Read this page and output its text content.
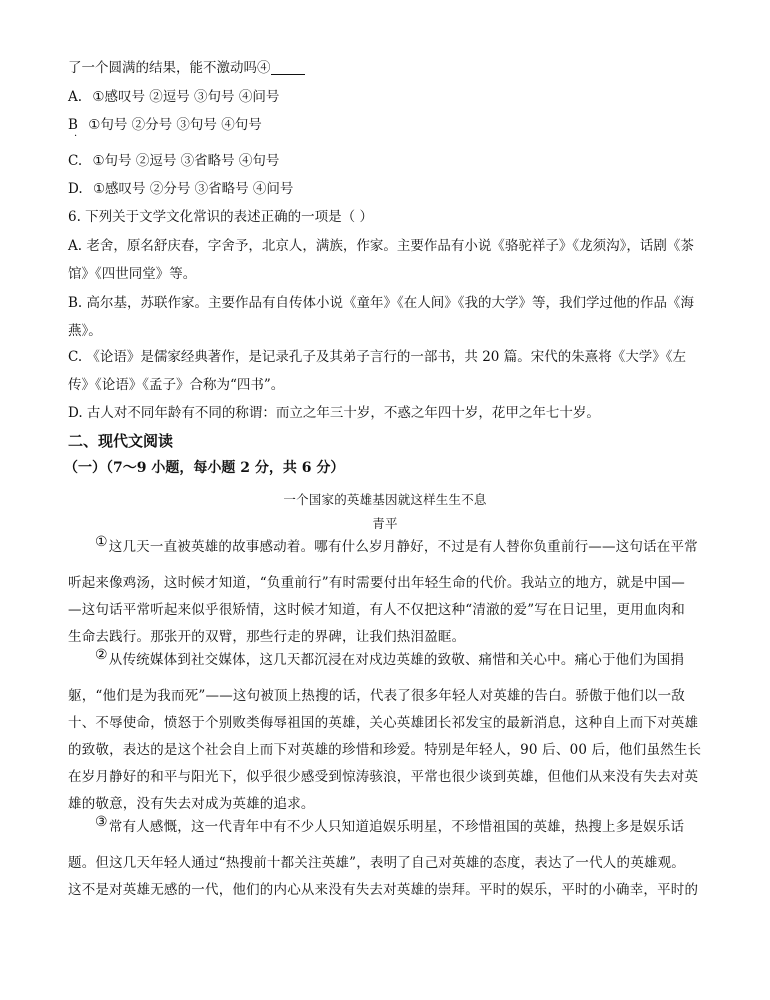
了一个圆满的结果，能不激动吗④
A. ①感叹号 ②逗号 ③句号 ④问号
B ①句号 ②分号 ③句号 ④句号
·
C. ①句号 ②逗号 ③省略号 ④句号
D. ①感叹号 ②分号 ③省略号 ④问号
6. 下列关于文学文化常识的表述正确的一项是（ ）
A. 老舍，原名舒庆春，字舍予，北京人，满族，作家。主要作品有小说《骆驼祥子》《龙须沟》，话剧《茶
馆》《四世同堂》等。
B. 高尔基，苏联作家。主要作品有自传体小说《童年》《在人间》《我的大学》等，我们学过他的作品《海
燕》。
C. 《论语》是儒家经典著作，是记录孔子及其弟子言行的一部书，共 20 篇。宋代的朱熹将《大学》《左
传》《论语》《孟子》合称为“四书”。
D. 古人对不同年龄有不同的称谓：而立之年三十岁，不惑之年四十岁，花甲之年七十岁。
二、现代文阅读
（一）（7～9 小题，每小题 2 分，共 6 分）
一个国家的英雄基因就这样生生不息
青平
①这几天一直被英雄的故事感动着。哪有什么岁月静好，不过是有人替你负重前行——这句话在平常
听起来像鸡汤，这时候才知道，“负重前行”有时需要付出年轻生命的代价。我站立的地方，就是中国—
—这句话平常听起来似乎很矫情，这时候才知道，有人不仅把这种“清澈的爱”写在日记里，更用血肉和
生命去践行。那张开的双臂，那些行走的界碑，让我们热泪盈眶。
②从传统媒体到社交媒体，这几天都沉浸在对戍边英雄的致敬、痛惜和关心中。痛心于他们为国捐
躯，“他们是为我而死”——这句被顶上热搜的话，代表了很多年轻人对英雄的告白。骄傲于他们以一敌
十、不辱使命，愤怒于个别败类侮辱祖国的英雄，关心英雄团长祁发宝的最新消息，这种自上而下对英雄
的致敬，表达的是这个社会自上而下对英雄的珍惜和珍爱。特别是年轻人，90 后、00 后，他们虽然生长
在岁月静好的和平与阳光下，似乎很少感受到惊涛骇浪，平常也很少谈到英雄，但他们从来没有失去对英
雄的敬意，没有失去对成为英雄的追求。
③常有人感慨，这一代青年中有不少人只知道追娱乐明星，不珍惜祖国的英雄，热搜上多是娱乐话
题。但这几天年轻人通过“热搜前十都关注英雄”，表明了自己对英雄的态度，表达了一代人的英雄观。
这不是对英雄无感的一代，他们的内心从来没有失去对英雄的崇拜。平时的娱乐，平时的小确幸，平时的
